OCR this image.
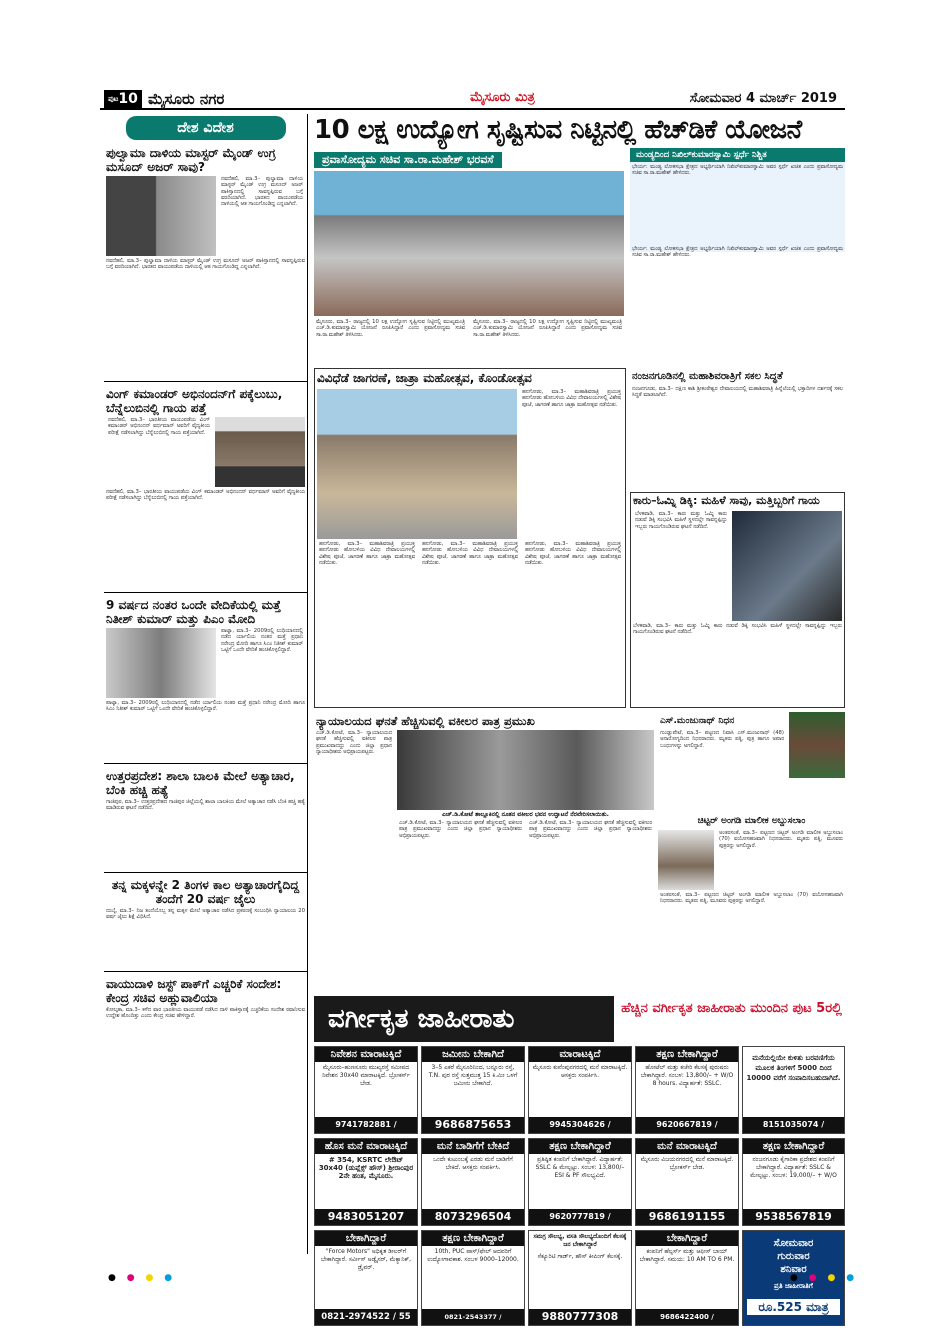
$^{ಪುಟ}$10 ಮೈಸೂರು ನಗರ	ಮೈಸೂರು ಮಿತ್ರ	ಸೋಮವಾರ 4 ಮಾರ್ಚ್ 2019
ದೇಶ ವಿದೇಶ
ಪುಲ್ವಾಮಾ ದಾಳಿಯ ಮಾಸ್ಟರ್ ಮೈಂಡ್ ಉಗ್ರ ಮಸೂದ್ ಅಜರ್ ಸಾವು?

ನವದೆಹಲಿ, ಮಾ.3– ಪುಲ್ವಾಮಾ ದಾಳಿಯ ಮಾಸ್ಟರ್ ಮೈಂಡ್ ಉಗ್ರ ಮಸೂದ್ ಅಜರ್ ಪಾಕಿಸ್ತಾನದಲ್ಲಿ ಸಾವನ್ನಪ್ಪಿರುವ ಬಗ್ಗೆ ವರದಿಯಾಗಿದೆ. ಭಾರತದ ವಾಯುಪಡೆಯ ದಾಳಿಯಲ್ಲಿ ಆತ ಗಾಯಗೊಂಡಿದ್ದ ಎನ್ನಲಾಗಿದೆ.

ನವದೆಹಲಿ, ಮಾ.3– ಪುಲ್ವಾಮಾ ದಾಳಿಯ ಮಾಸ್ಟರ್ ಮೈಂಡ್ ಉಗ್ರ ಮಸೂದ್ ಅಜರ್ ಪಾಕಿಸ್ತಾನದಲ್ಲಿ ಸಾವನ್ನಪ್ಪಿರುವ ಬಗ್ಗೆ ವರದಿಯಾಗಿದೆ. ಭಾರತದ ವಾಯುಪಡೆಯ ದಾಳಿಯಲ್ಲಿ ಆತ ಗಾಯಗೊಂಡಿದ್ದ ಎನ್ನಲಾಗಿದೆ.

ವಿಂಗ್ ಕಮಾಂಡರ್ ಅಭಿನಂದನ್‌ಗೆ ಪಕ್ಕೆಲುಬು, ಬೆನ್ನೆಲುಬಿನಲ್ಲಿ ಗಾಯ ಪತ್ತೆ

ನವದೆಹಲಿ, ಮಾ.3– ಭಾರತೀಯ ವಾಯುಪಡೆಯ ವಿಂಗ್ ಕಮಾಂಡರ್ ಅಭಿನಂದನ್ ವರ್ಧಮಾನ್ ಅವರಿಗೆ ವೈದ್ಯಕೀಯ ಪರೀಕ್ಷೆ ನಡೆಸಲಾಗಿದ್ದು ಬೆನ್ನೆಲುಬಿನಲ್ಲಿ ಗಾಯ ಪತ್ತೆಯಾಗಿದೆ.

ನವದೆಹಲಿ, ಮಾ.3– ಭಾರತೀಯ ವಾಯುಪಡೆಯ ವಿಂಗ್ ಕಮಾಂಡರ್ ಅಭಿನಂದನ್ ವರ್ಧಮಾನ್ ಅವರಿಗೆ ವೈದ್ಯಕೀಯ ಪರೀಕ್ಷೆ ನಡೆಸಲಾಗಿದ್ದು ಬೆನ್ನೆಲುಬಿನಲ್ಲಿ ಗಾಯ ಪತ್ತೆಯಾಗಿದೆ.

9 ವರ್ಷದ ನಂತರ ಒಂದೇ ವೇದಿಕೆಯಲ್ಲಿ ಮತ್ತೆ ನಿತೀಶ್ ಕುಮಾರ್ ಮತ್ತು ಪಿಎಂ ಮೋದಿ

ಪಾಟ್ನಾ, ಮಾ.3– 2009ರಲ್ಲಿ ಲುಧಿಯಾನದಲ್ಲಿ ನಡೆದ ರ್ಯಾಲಿಯ ನಂತರ ಮತ್ತೆ ಪ್ರಧಾನಿ ನರೇಂದ್ರ ಮೋದಿ ಹಾಗೂ ಸಿಎಂ ನಿತೀಶ್ ಕುಮಾರ್ ಒಟ್ಟಿಗೆ ಒಂದೇ ವೇದಿಕೆ ಹಂಚಿಕೊಳ್ಳಲಿದ್ದಾರೆ.

ಪಾಟ್ನಾ, ಮಾ.3– 2009ರಲ್ಲಿ ಲುಧಿಯಾನದಲ್ಲಿ ನಡೆದ ರ್ಯಾಲಿಯ ನಂತರ ಮತ್ತೆ ಪ್ರಧಾನಿ ನರೇಂದ್ರ ಮೋದಿ ಹಾಗೂ ಸಿಎಂ ನಿತೀಶ್ ಕುಮಾರ್ ಒಟ್ಟಿಗೆ ಒಂದೇ ವೇದಿಕೆ ಹಂಚಿಕೊಳ್ಳಲಿದ್ದಾರೆ.

ಉತ್ತರಪ್ರದೇಶ: ಶಾಲಾ ಬಾಲಕಿ ಮೇಲೆ ಅತ್ಯಾಚಾರ, ಬೆಂಕಿ ಹಚ್ಚಿ ಹತ್ಯೆ

ಗಾಜಿಪುರ, ಮಾ.3– ಉತ್ತರಪ್ರದೇಶದ ಗಾಜಿಪುರ ಜಿಲ್ಲೆಯಲ್ಲಿ ಶಾಲಾ ಬಾಲಕಿಯ ಮೇಲೆ ಅತ್ಯಾಚಾರ ನಡೆಸಿ ಬೆಂಕಿ ಹಚ್ಚಿ ಹತ್ಯೆ ಮಾಡಿರುವ ಘಟನೆ ನಡೆದಿದೆ.

ತನ್ನ ಮಕ್ಕಳನ್ನೇ 2 ತಿಂಗಳ ಕಾಲ ಅತ್ಯಾಚಾರಗೈದಿದ್ದ ತಂದೆಗೆ 20 ವರ್ಷ ಜೈಲು

ದುಬೈ, ಮಾ.3– ನಿಜ ತಂದೆಯೊಬ್ಬ ತನ್ನ ಮಕ್ಕಳ ಮೇಲೆ ಅತ್ಯಾಚಾರ ನಡೆಸಿದ ಪ್ರಕರಣಕ್ಕೆ ಸಂಬಂಧಿಸಿ ನ್ಯಾಯಾಲಯ 20 ವರ್ಷ ಜೈಲು ಶಿಕ್ಷೆ ವಿಧಿಸಿದೆ.

ವಾಯುದಾಳಿ ಜಸ್ಟ್ ಪಾಕ್‌ಗೆ ಎಚ್ಚರಿಕೆ ಸಂದೇಶ: ಕೇಂದ್ರ ಸಚಿವ ಅಹ್ಲುವಾಲಿಯಾ

ಕೋಲ್ಕತಾ, ಮಾ.3– ಕಳೆದ ವಾರ ಭಾರತೀಯ ವಾಯುಪಡೆ ನಡೆಸಿದ ದಾಳಿ ಪಾಕಿಸ್ತಾನಕ್ಕೆ ಎಚ್ಚರಿಕೆಯ ಸಂದೇಶ ರವಾನಿಸುವ ಉದ್ದೇಶ ಹೊಂದಿತ್ತು ಎಂದು ಕೇಂದ್ರ ಸಚಿವ ಹೇಳಿದ್ದಾರೆ.

10 ಲಕ್ಷ ಉದ್ಯೋಗ ಸೃಷ್ಟಿಸುವ ನಿಟ್ಟಿನಲ್ಲಿ ಹೆಚ್‌ಡಿಕೆ ಯೋಜನೆ
ಪ್ರವಾಸೋದ್ಯಮ ಸಚಿವ ಸಾ.ರಾ.ಮಹೇಶ್ ಭರವಸೆ

ಮೈಸೂರು, ಮಾ.3– ರಾಜ್ಯದಲ್ಲಿ 10 ಲಕ್ಷ ಉದ್ಯೋಗ ಸೃಷ್ಟಿಸುವ ನಿಟ್ಟಿನಲ್ಲಿ ಮುಖ್ಯಮಂತ್ರಿ ಎಚ್.ಡಿ.ಕುಮಾರಸ್ವಾಮಿ ಯೋಜನೆ ರೂಪಿಸಿದ್ದಾರೆ ಎಂದು ಪ್ರವಾಸೋದ್ಯಮ ಸಚಿವ ಸಾ.ರಾ.ಮಹೇಶ್ ತಿಳಿಸಿದರು.

ಮೈಸೂರು, ಮಾ.3– ರಾಜ್ಯದಲ್ಲಿ 10 ಲಕ್ಷ ಉದ್ಯೋಗ ಸೃಷ್ಟಿಸುವ ನಿಟ್ಟಿನಲ್ಲಿ ಮುಖ್ಯಮಂತ್ರಿ ಎಚ್.ಡಿ.ಕುಮಾರಸ್ವಾಮಿ ಯೋಜನೆ ರೂಪಿಸಿದ್ದಾರೆ ಎಂದು ಪ್ರವಾಸೋದ್ಯಮ ಸಚಿವ ಸಾ.ರಾ.ಮಹೇಶ್ ತಿಳಿಸಿದರು.

ಮಂಡ್ಯದಿಂದ ನಿಖಿಲ್‌ಕುಮಾರಸ್ವಾಮಿ ಸ್ಪರ್ಧೆ ನಿಶ್ಚಿತ

ಭೇರ್ಯ: ಮಂಡ್ಯ ಲೋಕಸಭಾ ಕ್ಷೇತ್ರದ ಅಭ್ಯರ್ಥಿಯಾಗಿ ನಿಖಿಲ್‌ಕುಮಾರಸ್ವಾಮಿ ಅವರ ಸ್ಪರ್ಧೆ ಖಚಿತ ಎಂದು ಪ್ರವಾಸೋದ್ಯಮ ಸಚಿವ ಸಾ.ರಾ.ಮಹೇಶ್ ಹೇಳಿದರು.

ಭೇರ್ಯ: ಮಂಡ್ಯ ಲೋಕಸಭಾ ಕ್ಷೇತ್ರದ ಅಭ್ಯರ್ಥಿಯಾಗಿ ನಿಖಿಲ್‌ಕುಮಾರಸ್ವಾಮಿ ಅವರ ಸ್ಪರ್ಧೆ ಖಚಿತ ಎಂದು ಪ್ರವಾಸೋದ್ಯಮ ಸಚಿವ ಸಾ.ರಾ.ಮಹೇಶ್ ಹೇಳಿದರು.

ವಿವಿಧೆಡೆ ಜಾಗರಣೆ, ಜಾತ್ರಾ ಮಹೋತ್ಸವ, ಕೊಂಡೋತ್ಸವ

ಹನಗೋಡು, ಮಾ.3– ಮಹಾಶಿವರಾತ್ರಿ ಪ್ರಯುಕ್ತ ಹನಗೋಡು ಹೋಬಳಿಯ ವಿವಿಧ ದೇವಾಲಯಗಳಲ್ಲಿ ವಿಶೇಷ ಪೂಜೆ, ಜಾಗರಣೆ ಹಾಗೂ ಜಾತ್ರಾ ಮಹೋತ್ಸವ ನಡೆಯಿತು.

ಹನಗೋಡು, ಮಾ.3– ಮಹಾಶಿವರಾತ್ರಿ ಪ್ರಯುಕ್ತ ಹನಗೋಡು ಹೋಬಳಿಯ ವಿವಿಧ ದೇವಾಲಯಗಳಲ್ಲಿ ವಿಶೇಷ ಪೂಜೆ, ಜಾಗರಣೆ ಹಾಗೂ ಜಾತ್ರಾ ಮಹೋತ್ಸವ ನಡೆಯಿತು.

ಹನಗೋಡು, ಮಾ.3– ಮಹಾಶಿವರಾತ್ರಿ ಪ್ರಯುಕ್ತ ಹನಗೋಡು ಹೋಬಳಿಯ ವಿವಿಧ ದೇವಾಲಯಗಳಲ್ಲಿ ವಿಶೇಷ ಪೂಜೆ, ಜಾಗರಣೆ ಹಾಗೂ ಜಾತ್ರಾ ಮಹೋತ್ಸವ ನಡೆಯಿತು.

ಹನಗೋಡು, ಮಾ.3– ಮಹಾಶಿವರಾತ್ರಿ ಪ್ರಯುಕ್ತ ಹನಗೋಡು ಹೋಬಳಿಯ ವಿವಿಧ ದೇವಾಲಯಗಳಲ್ಲಿ ವಿಶೇಷ ಪೂಜೆ, ಜಾಗರಣೆ ಹಾಗೂ ಜಾತ್ರಾ ಮಹೋತ್ಸವ ನಡೆಯಿತು.

ನಂಜನಗೂಡಿನಲ್ಲಿ ಮಹಾಶಿವರಾತ್ರಿಗೆ ಸಕಲ ಸಿದ್ಧತೆ

ನಂಜನಗೂಡು, ಮಾ.3– ದಕ್ಷಿಣ ಕಾಶಿ ಶ್ರೀಕಂಠೇಶ್ವರ ದೇವಾಲಯದಲ್ಲಿ ಮಹಾಶಿವರಾತ್ರಿ ಹಿನ್ನೆಲೆಯಲ್ಲಿ ಭಕ್ತಾದಿಗಳ ದರ್ಶನಕ್ಕೆ ಸಕಲ ಸಿದ್ಧತೆ ಮಾಡಲಾಗಿದೆ.

ಕಾರು–ಓಮ್ನಿ ಡಿಕ್ಕಿ: ಮಹಿಳೆ ಸಾವು, ಮತ್ತಿಬ್ಬರಿಗೆ ಗಾಯ

ಬೆಳಕವಾಡಿ, ಮಾ.3– ಕಾರು ಮತ್ತು ಓಮ್ನಿ ಕಾರು ನಡುವೆ ಡಿಕ್ಕಿ ಸಂಭವಿಸಿ ಮಹಿಳೆ ಸ್ಥಳದಲ್ಲೇ ಸಾವನ್ನಪ್ಪಿದ್ದು ಇಬ್ಬರು ಗಾಯಗೊಂಡಿರುವ ಘಟನೆ ನಡೆದಿದೆ.

ಬೆಳಕವಾಡಿ, ಮಾ.3– ಕಾರು ಮತ್ತು ಓಮ್ನಿ ಕಾರು ನಡುವೆ ಡಿಕ್ಕಿ ಸಂಭವಿಸಿ ಮಹಿಳೆ ಸ್ಥಳದಲ್ಲೇ ಸಾವನ್ನಪ್ಪಿದ್ದು ಇಬ್ಬರು ಗಾಯಗೊಂಡಿರುವ ಘಟನೆ ನಡೆದಿದೆ.

ನ್ಯಾಯಾಲಯದ ಘನತೆ ಹೆಚ್ಚಿಸುವಲ್ಲಿ ವಕೀಲರ ಪಾತ್ರ ಪ್ರಮುಖ

ಎಚ್.ಡಿ.ಕೋಟೆ, ಮಾ.3– ನ್ಯಾಯಾಲಯದ ಘನತೆ ಹೆಚ್ಚಿಸುವಲ್ಲಿ ವಕೀಲರ ಪಾತ್ರ ಪ್ರಮುಖವಾದದ್ದು ಎಂದು ಜಿಲ್ಲಾ ಪ್ರಧಾನ ನ್ಯಾಯಾಧೀಶರು ಅಭಿಪ್ರಾಯಪಟ್ಟರು.

ಎಚ್.ಡಿ.ಕೋಟೆ ತಾಲ್ಲೂಕಿನಲ್ಲಿ ನೂತನ ವಕೀಲರ ಭವನ ಉದ್ಘಾಟನೆ ನೆರವೇರಿಸಲಾಯಿತು.

ಎಚ್.ಡಿ.ಕೋಟೆ, ಮಾ.3– ನ್ಯಾಯಾಲಯದ ಘನತೆ ಹೆಚ್ಚಿಸುವಲ್ಲಿ ವಕೀಲರ ಪಾತ್ರ ಪ್ರಮುಖವಾದದ್ದು ಎಂದು ಜಿಲ್ಲಾ ಪ್ರಧಾನ ನ್ಯಾಯಾಧೀಶರು ಅಭಿಪ್ರಾಯಪಟ್ಟರು.

ಎಚ್.ಡಿ.ಕೋಟೆ, ಮಾ.3– ನ್ಯಾಯಾಲಯದ ಘನತೆ ಹೆಚ್ಚಿಸುವಲ್ಲಿ ವಕೀಲರ ಪಾತ್ರ ಪ್ರಮುಖವಾದದ್ದು ಎಂದು ಜಿಲ್ಲಾ ಪ್ರಧಾನ ನ್ಯಾಯಾಧೀಶರು ಅಭಿಪ್ರಾಯಪಟ್ಟರು.

ಎಸ್.ಮಂಜುನಾಥ್ ನಿಧನ

ಗುಂಡ್ಲುಪೇಟೆ, ಮಾ.3– ಪಟ್ಟಣದ ನಿವಾಸಿ ಎಸ್.ಮಂಜುನಾಥ್ (48) ಅನಾರೋಗ್ಯದಿಂದ ನಿಧನರಾದರು. ಮೃತರು ಪತ್ನಿ, ಪುತ್ರ ಹಾಗೂ ಅಪಾರ ಬಂಧುಗಳನ್ನು ಅಗಲಿದ್ದಾರೆ.

ಚಿಟ್ಟರ್ ಅಂಗಡಿ ಮಾಲೀಕ ಅಬ್ದುಸಲಾಂ

ಅಂತರಸಂತೆ, ಮಾ.3– ಪಟ್ಟಣದ ಚಿಟ್ಟರ್ ಅಂಗಡಿ ಮಾಲೀಕ ಅಬ್ದುಸಲಾಂ (70) ವಯೋಸಹಜವಾಗಿ ನಿಧನರಾದರು. ಮೃತರು ಪತ್ನಿ, ಮೂವರು ಪುತ್ರರನ್ನು ಅಗಲಿದ್ದಾರೆ.

ಅಂತರಸಂತೆ, ಮಾ.3– ಪಟ್ಟಣದ ಚಿಟ್ಟರ್ ಅಂಗಡಿ ಮಾಲೀಕ ಅಬ್ದುಸಲಾಂ (70) ವಯೋಸಹಜವಾಗಿ ನಿಧನರಾದರು. ಮೃತರು ಪತ್ನಿ, ಮೂವರು ಪುತ್ರರನ್ನು ಅಗಲಿದ್ದಾರೆ.

ವರ್ಗೀಕೃತ ಜಾಹೀರಾತು	ಹೆಚ್ಚಿನ ವರ್ಗೀಕೃತ ಜಾಹೀರಾತು ಮುಂದಿನ ಪುಟ 5ರಲ್ಲಿ
ನಿವೇಶನ ಮಾರಾಟಕ್ಕಿದೆ
ಮೈಸೂರು–ಹುಣಸೂರು ಮುಖ್ಯರಸ್ತೆ ಸಮೀಪದ ನಿವೇಶನ 30x40 ಮಾರಾಟಕ್ಕಿದೆ. ಬ್ರೋಕರ್ಸ್ ಬೇಡ.
9741782881 /
ಜಮೀನು ಬೇಕಾಗಿದೆ
3–5 ಎಕರೆ ಮೈಸೂರಿನಿಂದ, ಬನ್ನೂರು ರಸ್ತೆ, T.N. ಪುರ ರಸ್ತೆ ಸುತ್ತಮುತ್ತ 15 ಕಿ.ಮೀ ಒಳಗೆ ಜಮೀನು ಬೇಕಾಗಿದೆ.
9686875653
ಮಾರಾಟಕ್ಕಿದೆ
ಮೈಸೂರು ಕುವೆಂಪುನಗರದಲ್ಲಿ ಮನೆ ಮಾರಾಟಕ್ಕಿದೆ. ಆಸಕ್ತರು ಸಂಪರ್ಕಿಸಿ.
9945304626 /
ತಕ್ಷಣ ಬೇಕಾಗಿದ್ದಾರೆ
ಹೋಟೆಲ್ ಮತ್ತು ಕಚೇರಿ ಕೆಲಸಕ್ಕೆ ಪುರುಷರು ಬೇಕಾಗಿದ್ದಾರೆ. ಸಂಬಳ: 13,800/– + W/O 8 hours. ವಿದ್ಯಾರ್ಹತೆ: SSLC.
9620667819 /
ಮನೆಯಲ್ಲಿಯೇ ಕುಳಿತು ಬರವಣಿಗೆಯ ಮೂಲಕ ತಿಂಗಳಿಗೆ 5000 ದಿಂದ 10000 ವರೆಗೆ ಸಂಪಾದಿಸಬಹುದಾಗಿದೆ.
8151035074 /
ಹೊಸ ಮನೆ ಮಾರಾಟಕ್ಕಿದೆ
# 354, KSRTC ಲೇಔಟ್ 30x40 (ಡುಪ್ಲೆಕ್ಸ್ ಹೌಸ್) ಶ್ರೀರಾಂಪುರ 2ನೇ ಹಂತ, ಮೈಸೂರು.
9483051207
ಮನೆ ಬಾಡಿಗೆಗೆ ಬೇಕಿದೆ
ಒಂದೇ ಕುಟುಂಬಕ್ಕೆ ಎರಡು ಮನೆ ಬಾಡಿಗೆಗೆ ಬೇಕಿದೆ. ಆಸಕ್ತರು ಸಂಪರ್ಕಿಸಿ.
8073296504
ತಕ್ಷಣ ಬೇಕಾಗಿದ್ದಾರೆ
ಪ್ರತಿಷ್ಠಿತ ಕಂಪನಿಗೆ ಬೇಕಾಗಿದ್ದಾರೆ. ವಿದ್ಯಾರ್ಹತೆ: SSLC & ಮೇಲ್ಪಟ್ಟು. ಸಂಬಳ: 13,800/– ESI & PF ಸೌಲಭ್ಯವಿದೆ.
9620777819 /
ಮನೆ ಮಾರಾಟಕ್ಕಿದೆ
ಮೈಸೂರು ವಿಜಯನಗರದಲ್ಲಿ ಮನೆ ಮಾರಾಟಕ್ಕಿದೆ. ಬ್ರೋಕರ್ಸ್ ಬೇಡ.
9686191155
ತಕ್ಷಣ ಬೇಕಾಗಿದ್ದಾರೆ
ನಂಜನಗೂಡು ಕೈಗಾರಿಕಾ ಪ್ರದೇಶದ ಕಂಪನಿಗೆ ಬೇಕಾಗಿದ್ದಾರೆ. ವಿದ್ಯಾರ್ಹತೆ: SSLC & ಮೇಲ್ಪಟ್ಟು. ಸಂಬಳ: 19,000/– + W/O
9538567819
ಬೇಕಾಗಿದ್ದಾರೆ
"Force Motors" ಅಧಿಕೃತ ಡೀಲರ್‌ಗೆ ಬೇಕಾಗಿದ್ದಾರೆ. ಸರ್ವೀಸ್ ಅಡ್ವೈಸರ್, ಮೆಕ್ಯಾನಿಕ್, ಡ್ರೈವರ್.
0821-2974522 / 55
ತಕ್ಷಣ ಬೇಕಾಗಿದ್ದಾರೆ
10th, PUC ಪಾಸ್/ಫೇಲ್ ಆದವರಿಗೆ ಉದ್ಯೋಗಾವಕಾಶ. ಸಂಬಳ 9000–12000.
0821-2543377 /
ಸಮಗ್ರ ಸೌಲಭ್ಯ, ವಸತಿ ಸೌಲಭ್ಯದೊಂದಿಗೆ ಕೆಲಸಕ್ಕೆ ಜನ ಬೇಕಾಗಿದ್ದಾರೆ
ಸೆಕ್ಯೂರಿಟಿ ಗಾರ್ಡ್, ಹೌಸ್ ಕೀಪಿಂಗ್ ಕೆಲಸಕ್ಕೆ.
9880777308
ಬೇಕಾಗಿದ್ದಾರೆ
ಕಂಪನಿಗೆ ಹೆಲ್ಪರ್ಸ್ ಮತ್ತು ಆಫೀಸ್ ಬಾಯ್ ಬೇಕಾಗಿದ್ದಾರೆ. ಸಮಯ: 10 AM TO 6 PM.
9686422400 /
ಸೋಮವಾರ
ಗುರುವಾರ
ಶನಿವಾರ
ಪ್ರತಿ ಜಾಹೀರಾತಿಗೆ
ರೂ.525 ಮಾತ್ರ
● ● ● ●	● ● ● ●
